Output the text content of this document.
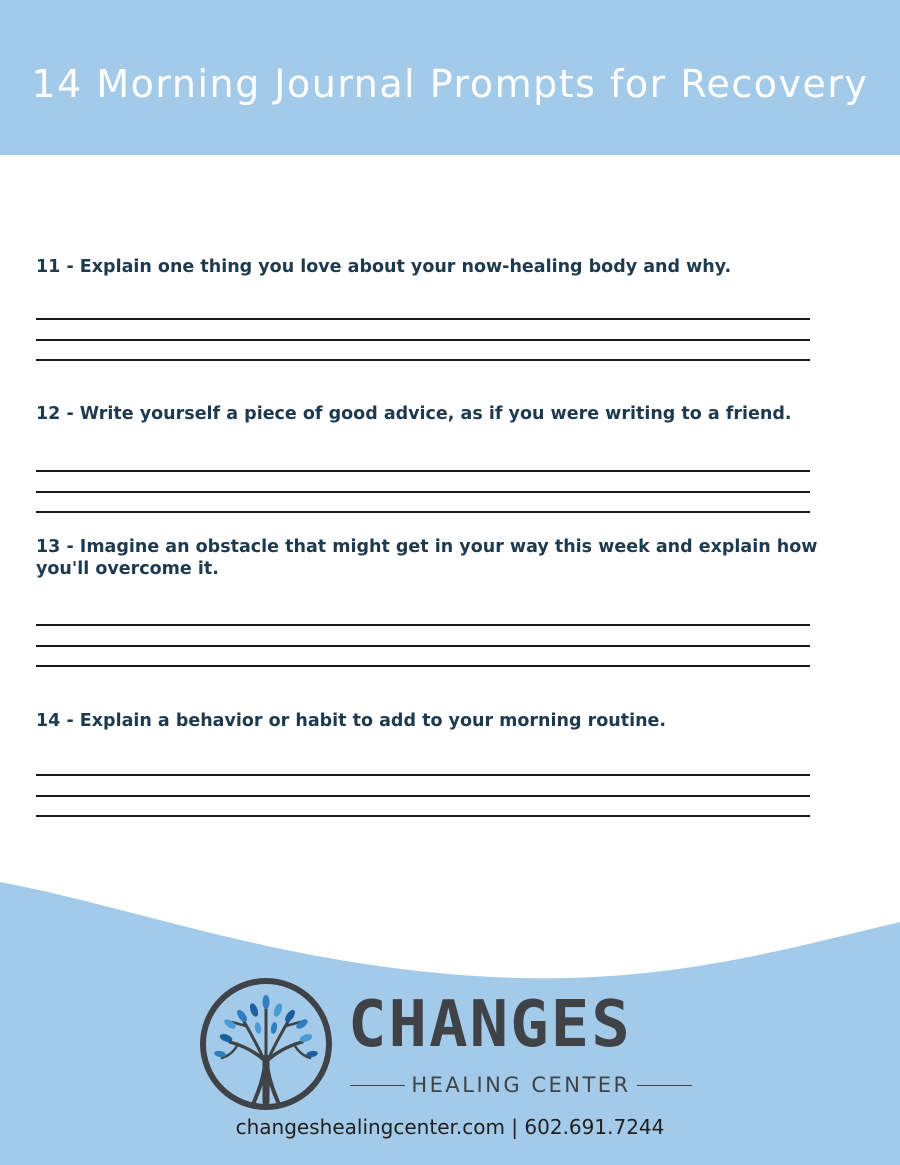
14 Morning Journal Prompts for Recovery

11 - Explain one thing you love about your now-healing body and why.

12 - Write yourself a piece of good advice, as if you were writing to a friend.

13 - Imagine an obstacle that might get in your way this week and explain how you'll overcome it.

14 - Explain a behavior or habit to add to your morning routine.

CHANGES
HEALING CENTER
changeshealingcenter.com | 602.691.7244
